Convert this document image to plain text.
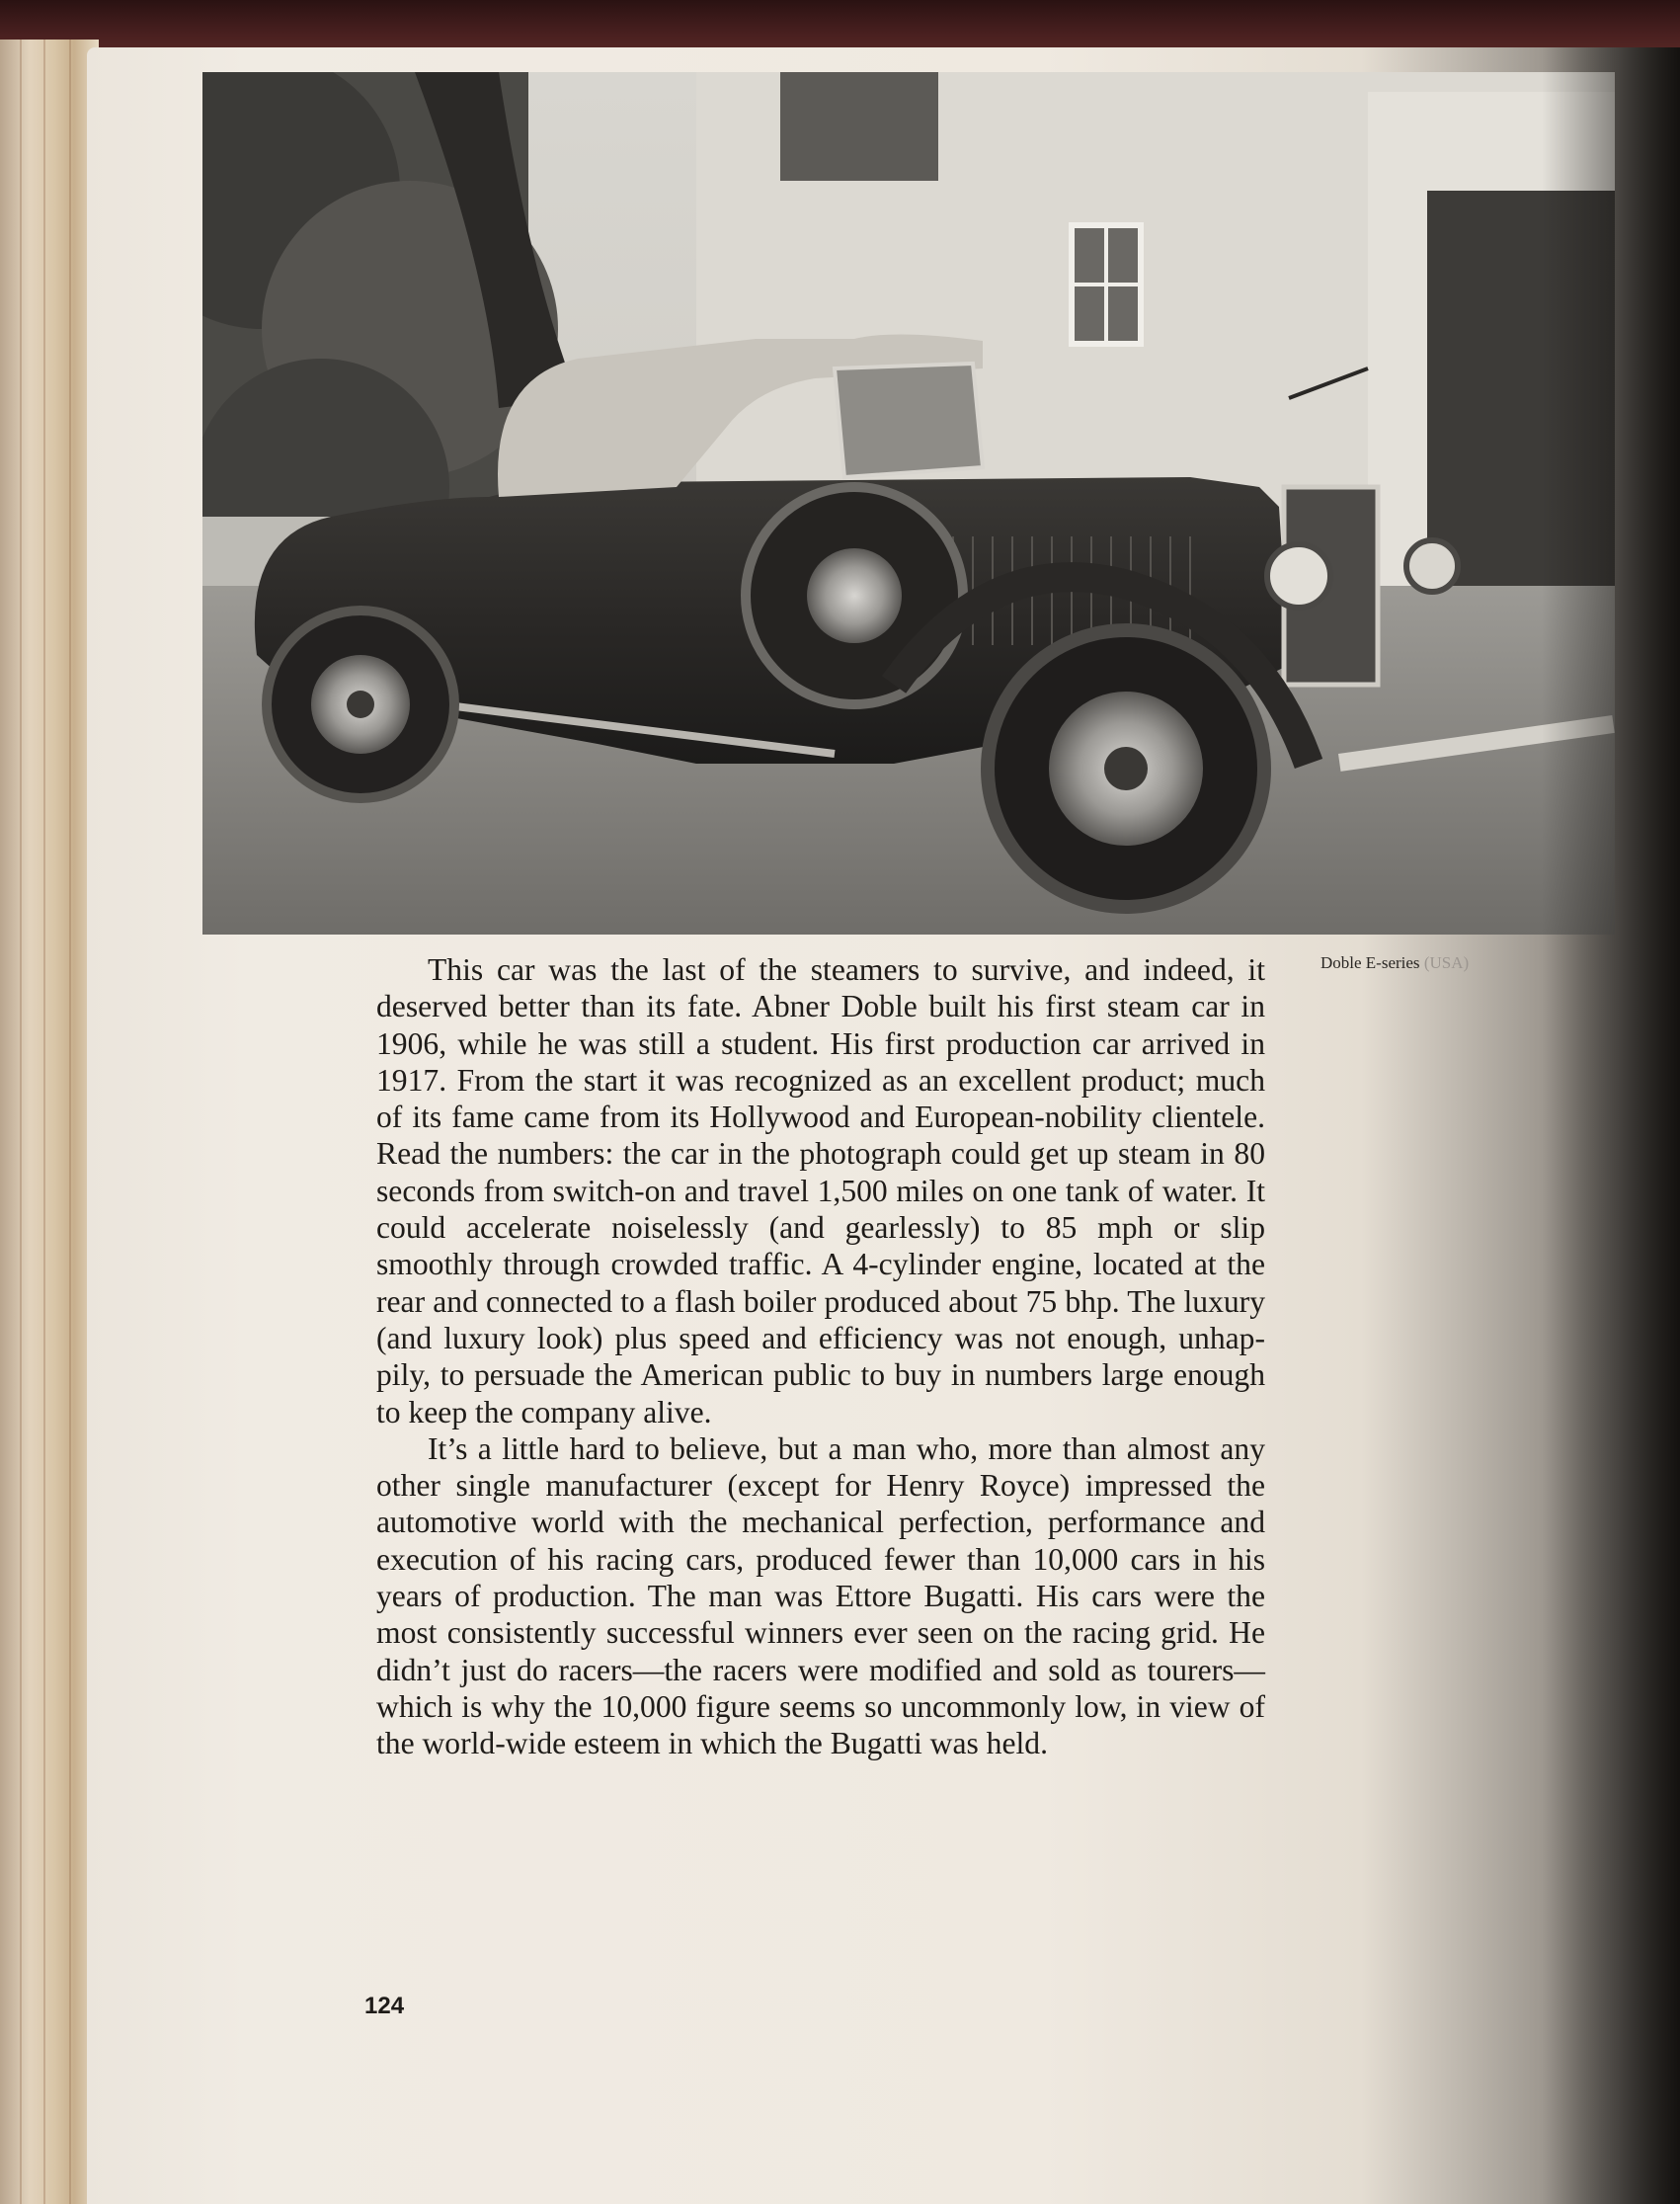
Doble E-series (USA)

This car was the last of the steamers to survive, and indeed, it deserved better than its fate. Abner Doble built his first steam car in 1906, while he was still a student. His first production car arrived in 1917. From the start it was recognized as an excellent product; much of its fame came from its Hollywood and European-nobility clientele. Read the numbers: the car in the photograph could get up steam in 80 seconds from switch-on and travel 1,500 miles on one tank of water. It could accelerate noiselessly (and gearlessly) to 85 mph or slip smoothly through crowded traffic. A 4-cylinder engine, located at the rear and connected to a flash boiler produced about 75 bhp. The luxury (and luxury look) plus speed and efficiency was not enough, unhappily, to persuade the American public to buy in numbers large enough to keep the company alive.

It’s a little hard to believe, but a man who, more than almost any other single manufacturer (except for Henry Royce) impressed the automotive world with the mechanical perfection, performance and execution of his racing cars, produced fewer than 10,000 cars in his years of production. The man was Ettore Bugatti. His cars were the most consistently successful winners ever seen on the racing grid. He didn’t just do racers—the racers were modified and sold as tourers—which is why the 10,000 figure seems so uncommonly low, in view of the world-wide esteem in which the Bugatti was held.

124
